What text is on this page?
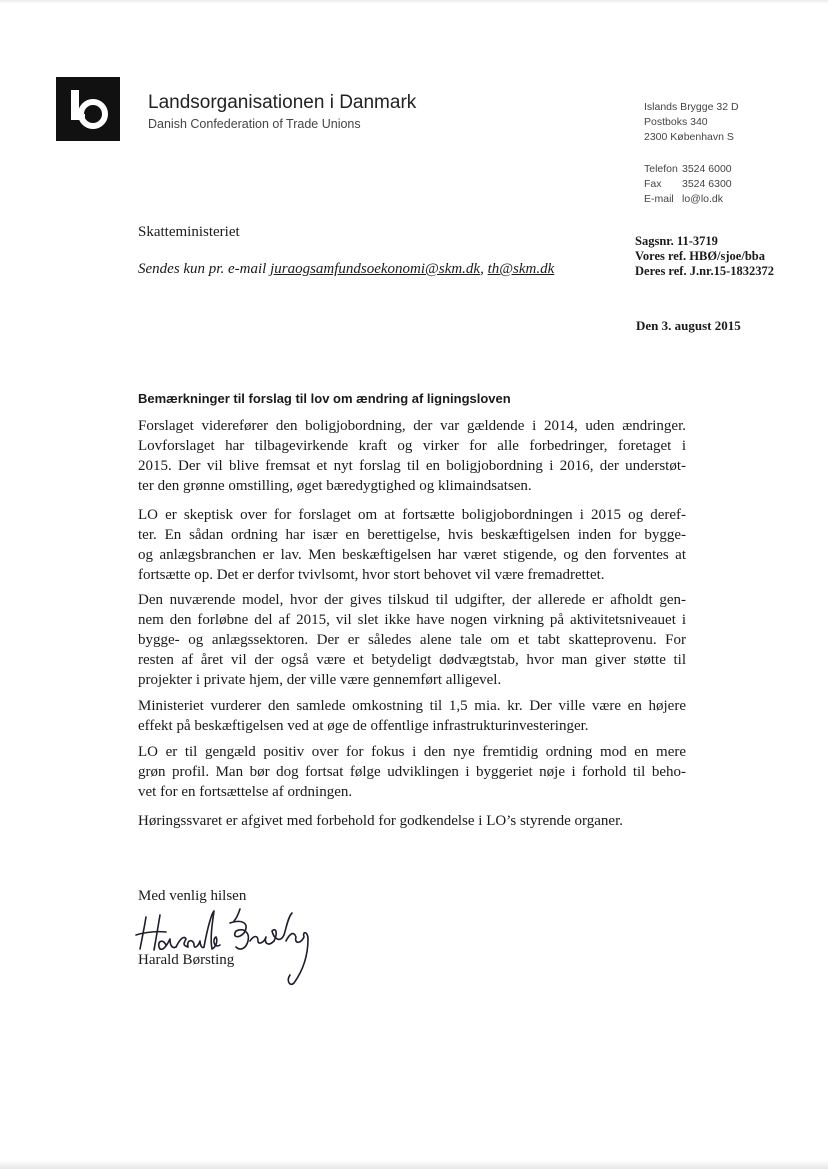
Landsorganisationen i Danmark
Danish Confederation of Trade Unions
Islands Brygge 32 D
Postboks 340
2300 København S
Telefon 3524 6000
Fax 3524 6300
E-mail lo@lo.dk
Skatteministeriet
Sendes kun pr. e-mail juraogsamfundsoekonomi@skm.dk, th@skm.dk
Sagsnr. 11-3719
Vores ref. HBØ/sjoe/bba
Deres ref. J.nr.15-1832372
Den 3. august 2015
Bemærkninger til forslag til lov om ændring af ligningsloven
Forslaget viderefører den boligjobordning, der var gældende i 2014, uden ændringer.
Lovforslaget har tilbagevirkende kraft og virker for alle forbedringer, foretaget i
2015. Der vil blive fremsat et nyt forslag til en boligjobordning i 2016, der understøt-
ter den grønne omstilling, øget bæredygtighed og klimaindsatsen.
LO er skeptisk over for forslaget om at fortsætte boligjobordningen i 2015 og deref-
ter. En sådan ordning har især en berettigelse, hvis beskæftigelsen inden for bygge-
og anlægsbranchen er lav. Men beskæftigelsen har været stigende, og den forventes at
fortsætte op. Det er derfor tvivlsomt, hvor stort behovet vil være fremadrettet.
Den nuværende model, hvor der gives tilskud til udgifter, der allerede er afholdt gen-
nem den forløbne del af 2015, vil slet ikke have nogen virkning på aktivitetsniveauet i
bygge- og anlægssektoren. Der er således alene tale om et tabt skatteprovenu. For
resten af året vil der også være et betydeligt dødvægtstab, hvor man giver støtte til
projekter i private hjem, der ville være gennemført alligevel.
Ministeriet vurderer den samlede omkostning til 1,5 mia. kr. Der ville være en højere
effekt på beskæftigelsen ved at øge de offentlige infrastrukturinvesteringer.
LO er til gengæld positiv over for fokus i den nye fremtidig ordning mod en mere
grøn profil. Man bør dog fortsat følge udviklingen i byggeriet nøje i forhold til beho-
vet for en fortsættelse af ordningen.
Høringssvaret er afgivet med forbehold for godkendelse i LO’s styrende organer.
Med venlig hilsen
Harald Børsting
